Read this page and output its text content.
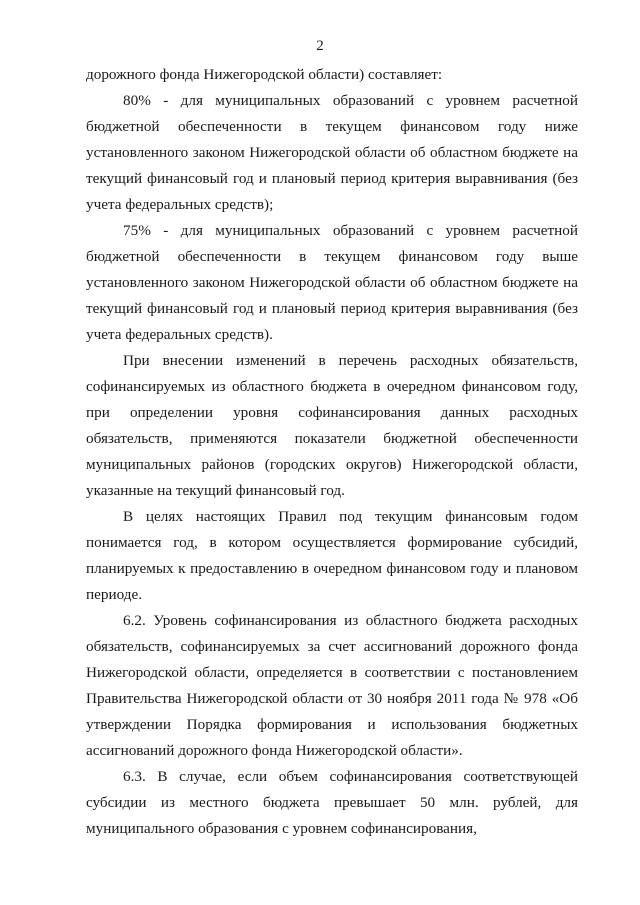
2

дорожного фонда Нижегородской области) составляет:

80% - для муниципальных образований с уровнем расчетной бюджетной обеспеченности в текущем финансовом году ниже установленного законом Нижегородской области об областном бюджете на текущий финансовый год и плановый период критерия выравнивания (без учета федеральных средств);

75% - для муниципальных образований с уровнем расчетной бюджетной обеспеченности в текущем финансовом году выше установленного законом Нижегородской области об областном бюджете на текущий финансовый год и плановый период критерия выравнивания (без учета федеральных средств).

При внесении изменений в перечень расходных обязательств, софинансируемых из областного бюджета в очередном финансовом году, при определении уровня софинансирования данных расходных обязательств, применяются показатели бюджетной обеспеченности муниципальных районов (городских округов) Нижегородской области, указанные на текущий финансовый год.

В целях настоящих Правил под текущим финансовым годом понимается год, в котором осуществляется формирование субсидий, планируемых к предоставлению в очередном финансовом году и плановом периоде.

6.2. Уровень софинансирования из областного бюджета расходных обязательств, софинансируемых за счет ассигнований дорожного фонда Нижегородской области, определяется в соответствии с постановлением Правительства Нижегородской области от 30 ноября 2011 года № 978 «Об утверждении Порядка формирования и использования бюджетных ассигнований дорожного фонда Нижегородской области».

6.3. В случае, если объем софинансирования соответствующей субсидии из местного бюджета превышает 50 млн. рублей, для муниципального образования с уровнем софинансирования,
